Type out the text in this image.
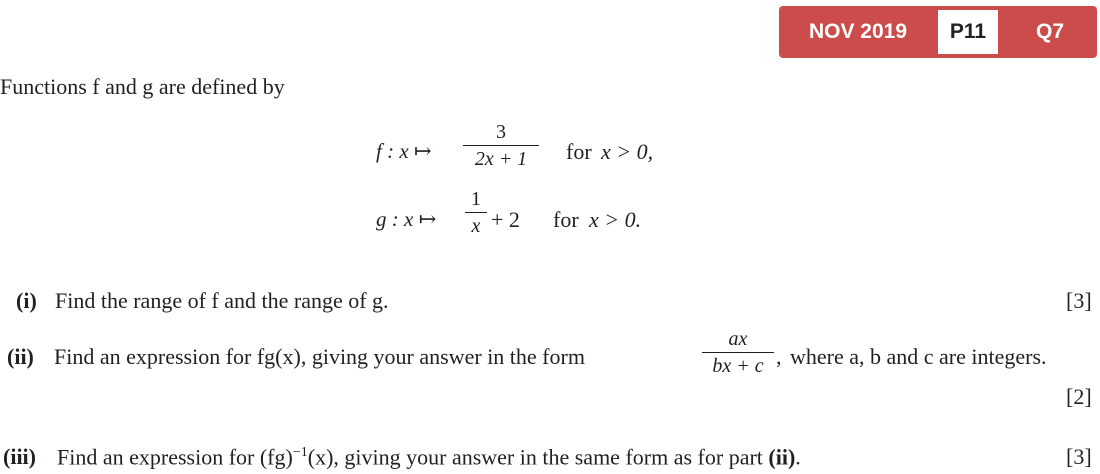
NOV 2019	P11	Q7
Functions f and g are defined by
f : x ↦
3
2x + 1	for x > 0,
g : x ↦
1
x + 2 for x > 0.
(i) Find the range of f and the range of g.	[3]
(ii) Find an expression for fg(x), giving your answer in the form
ax
bx + c , where a, b and c are integers.
[2]
(iii) Find an expression for (fg)$^{-1}$(x), giving your answer in the same form as for part (ii).	[3]
